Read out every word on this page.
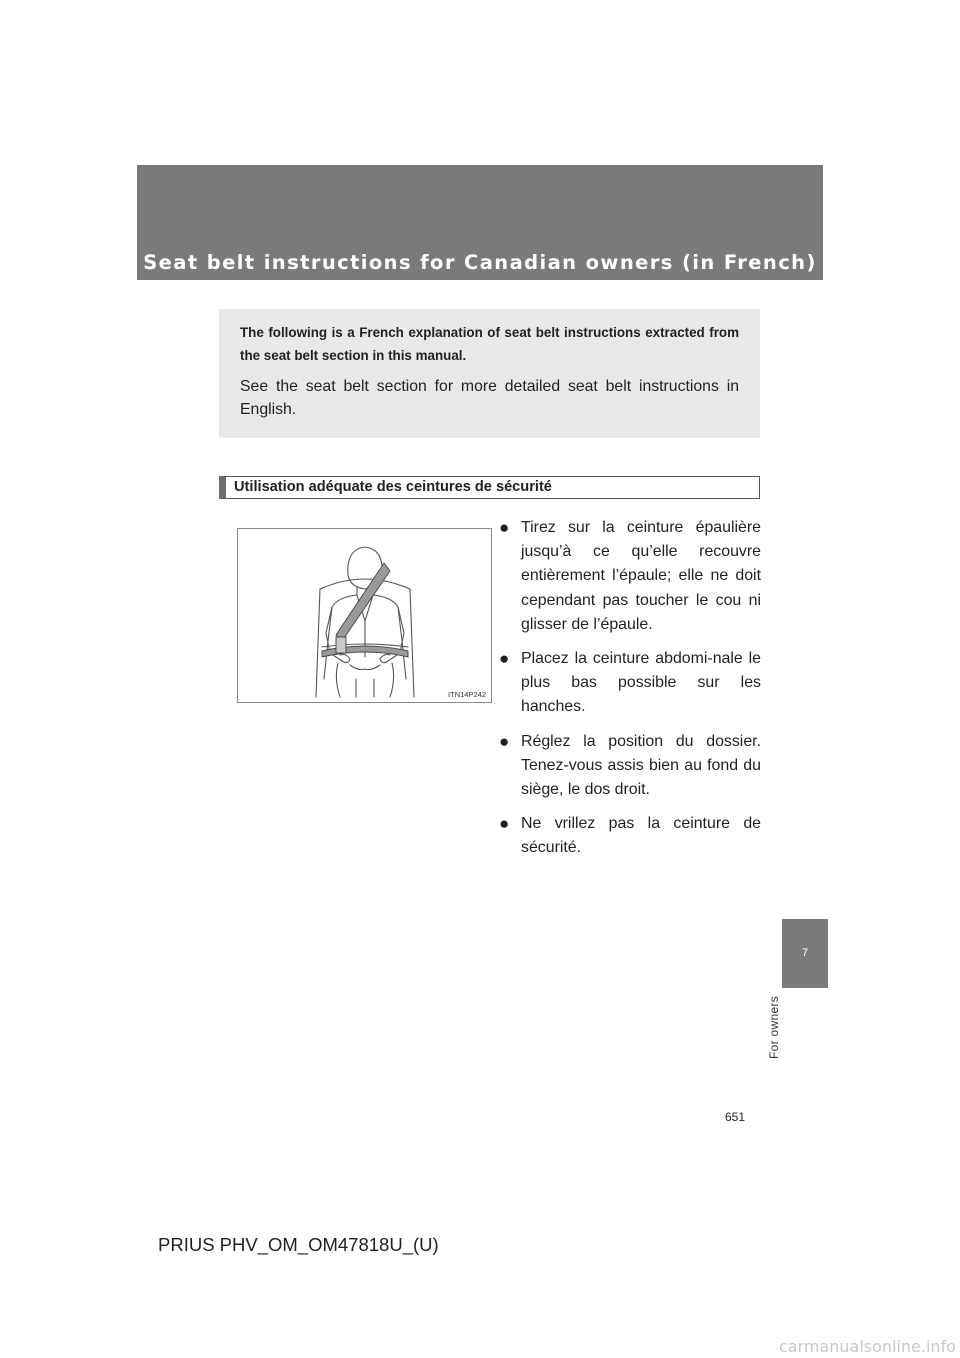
Seat belt instructions for Canadian owners (in French)
The following is a French explanation of seat belt instructions extracted from the seat belt section in this manual.
See the seat belt section for more detailed seat belt instructions in English.
Utilisation adéquate des ceintures de sécurité
ITN14P242
● Tirez sur la ceinture épaulière jusqu’à ce qu’elle recouvre entièrement l’épaule; elle ne doit cependant pas toucher le cou ni glisser de l’épaule.
● Placez la ceinture abdomi-nale le plus bas possible sur les hanches.
● Réglez la position du dossier. Tenez-vous assis bien au fond du siège, le dos droit.
● Ne vrillez pas la ceinture de sécurité.
7
For owners
651
PRIUS PHV_OM_OM47818U_(U)
carmanualsonline.info
